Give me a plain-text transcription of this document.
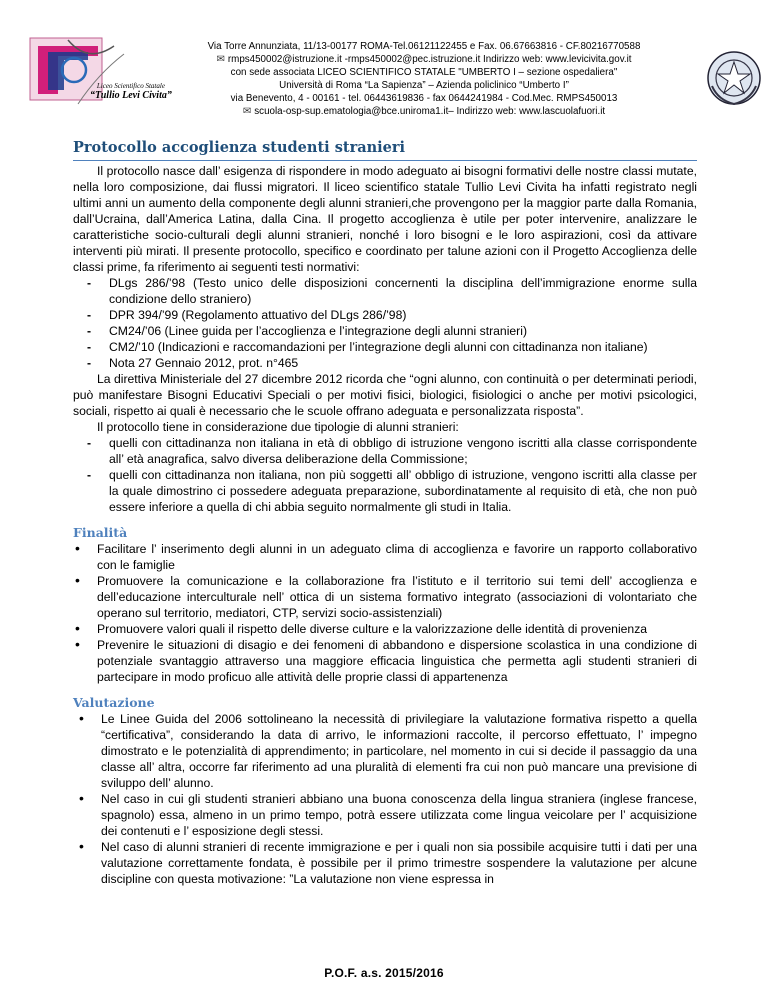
Liceo Scientifico Statale
“Tullio Levi Civita”
Via Torre Annunziata, 11/13-00177 ROMA-Tel.06121122455 e Fax. 06.67663816 - CF.80216770588
✉ rmps450002@istruzione.it -rmps450002@pec.istruzione.it Indirizzo web: www.levicivita.gov.it
con sede associata LICEO SCIENTIFICO STATALE "UMBERTO I – sezione ospedaliera"
Università di Roma “La Sapienza” – Azienda policlinico “Umberto I”
via Benevento, 4 - 00161 - tel. 06443619836 - fax 0644241984 - Cod.Mec. RMPS450013
✉ scuola-osp-sup.ematologia@bce.uniroma1.it– Indirizzo web: www.lascuolafuori.it
Protocollo accoglienza studenti stranieri

Il protocollo nasce dall’ esigenza di rispondere in modo adeguato ai bisogni formativi delle nostre classi mutate, nella loro composizione, dai flussi migratori. Il liceo scientifico statale Tullio Levi Civita ha infatti registrato negli ultimi anni un aumento della componente degli alunni stranieri,che provengono per la maggior parte dalla Romania, dall’Ucraina, dall’America Latina, dalla Cina. Il progetto accoglienza è utile per poter intervenire, analizzare le caratteristiche socio-culturali degli alunni stranieri, nonché i loro bisogni e le loro aspirazioni, così da attivare interventi più mirati. Il presente protocollo, specifico e coordinato per talune azioni con il Progetto Accoglienza delle classi prime, fa riferimento ai seguenti testi normativi:

- DLgs 286/’98 (Testo unico delle disposizioni concernenti la disciplina dell’immigrazione enorme sulla condizione dello straniero)
- DPR 394/’99 (Regolamento attuativo del DLgs 286/’98)
- CM24/’06 (Linee guida per l’accoglienza e l’integrazione degli alunni stranieri)
- CM2/’10 (Indicazioni e raccomandazioni per l’integrazione degli alunni con cittadinanza non italiane)
- Nota 27 Gennaio 2012, prot. n°465

La direttiva Ministeriale del 27 dicembre 2012 ricorda che “ogni alunno, con continuità o per determinati periodi, può manifestare Bisogni Educativi Speciali o per motivi fisici, biologici, fisiologici o anche per motivi psicologici, sociali, rispetto ai quali è necessario che le scuole offrano adeguata e personalizzata risposta”.

Il protocollo tiene in considerazione due tipologie di alunni stranieri:

- quelli con cittadinanza non italiana in età di obbligo di istruzione vengono iscritti alla classe corrispondente all’ età anagrafica, salvo diversa deliberazione della Commissione;
- quelli con cittadinanza non italiana, non più soggetti all’ obbligo di istruzione, vengono iscritti alla classe per la quale dimostrino ci possedere adeguata preparazione, subordinatamente al requisito di età, che non può essere inferiore a quella di chi abbia seguito normalmente gli studi in Italia.
Finalità
• Facilitare l’ inserimento degli alunni in un adeguato clima di accoglienza e favorire un rapporto collaborativo con le famiglie
• Promuovere la comunicazione e la collaborazione fra l’istituto e il territorio sui temi dell’ accoglienza e dell’educazione interculturale nell’ ottica di un sistema formativo integrato (associazioni di volontariato che operano sul territorio, mediatori, CTP, servizi socio-assistenziali)
• Promuovere valori quali il rispetto delle diverse culture e la valorizzazione delle identità di provenienza
• Prevenire le situazioni di disagio e dei fenomeni di abbandono e dispersione scolastica in una condizione di potenziale svantaggio attraverso una maggiore efficacia linguistica che permetta agli studenti stranieri di partecipare in modo proficuo alle attività delle proprie classi di appartenenza
Valutazione
• Le Linee Guida del 2006 sottolineano la necessità di privilegiare la valutazione formativa rispetto a quella “certificativa”, considerando la data di arrivo, le informazioni raccolte, il percorso effettuato, l’ impegno dimostrato e le potenzialità di apprendimento; in particolare, nel momento in cui si decide il passaggio da una classe all’ altra, occorre far riferimento ad una pluralità di elementi fra cui non può mancare una previsione di sviluppo dell’ alunno.
• Nel caso in cui gli studenti stranieri abbiano una buona conoscenza della lingua straniera (inglese francese, spagnolo) essa, almeno in un primo tempo, potrà essere utilizzata come lingua veicolare per l’ acquisizione dei contenuti e l’ esposizione degli stessi.
• Nel caso di alunni stranieri di recente immigrazione e per i quali non sia possibile acquisire tutti i dati per una valutazione correttamente fondata, è possibile per il primo trimestre sospendere la valutazione per alcune discipline con questa motivazione: ”La valutazione non viene espressa in
P.O.F. a.s. 2015/2016
